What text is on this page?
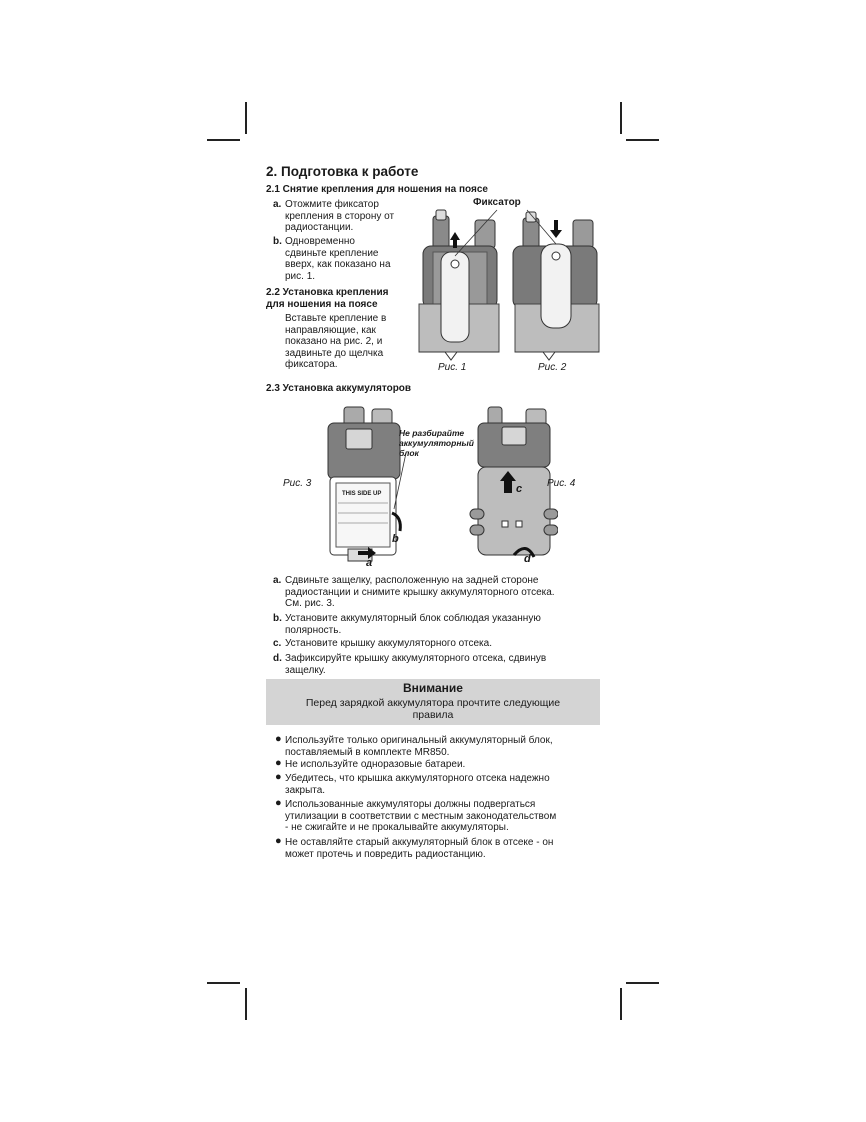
2. Подготовка к работе
2.1 Снятие крепления для ношения на поясе
a. Отожмите фиксатор
крепления в сторону от
радиостанции.
b. Одновременно
сдвиньте крепление
вверх, как показано на
рис. 1.
2.2 Установка крепления
для ношения на поясе
Вставьте крепление в
направляющие, как
показано на рис. 2, и
задвиньте до щелчка
фиксатора.
Фиксатор
Рис. 1	Рис. 2
2.3 Установка аккумуляторов
THIS SIDE UP
Рис. 3	Рис. 4
Не разбирайте
аккумуляторный
блок
a
b
c
d
a. Сдвиньте защелку, расположенную на задней стороне
радиостанции и снимите крышку аккумуляторного отсека.
См. рис. 3.
b. Установите аккумуляторный блок соблюдая указанную
полярность.
c. Установите крышку аккумуляторного отсека.
d. Зафиксируйте крышку аккумуляторного отсека, сдвинув
защелку.
Внимание
Перед зарядкой аккумулятора прочтите следующие
правила
● Используйте только оригинальный аккумуляторный блок,
поставляемый в комплекте MR850.
● Не используйте одноразовые батареи.
● Убедитесь, что крышка аккумуляторного отсека надежно
закрыта.
● Использованные аккумуляторы должны подвергаться
утилизации в соответствии с местным законодательством
- не сжигайте и не прокалывайте аккумуляторы.
● Не оставляйте старый аккумуляторный блок в отсеке - он
может протечь и повредить радиостанцию.
